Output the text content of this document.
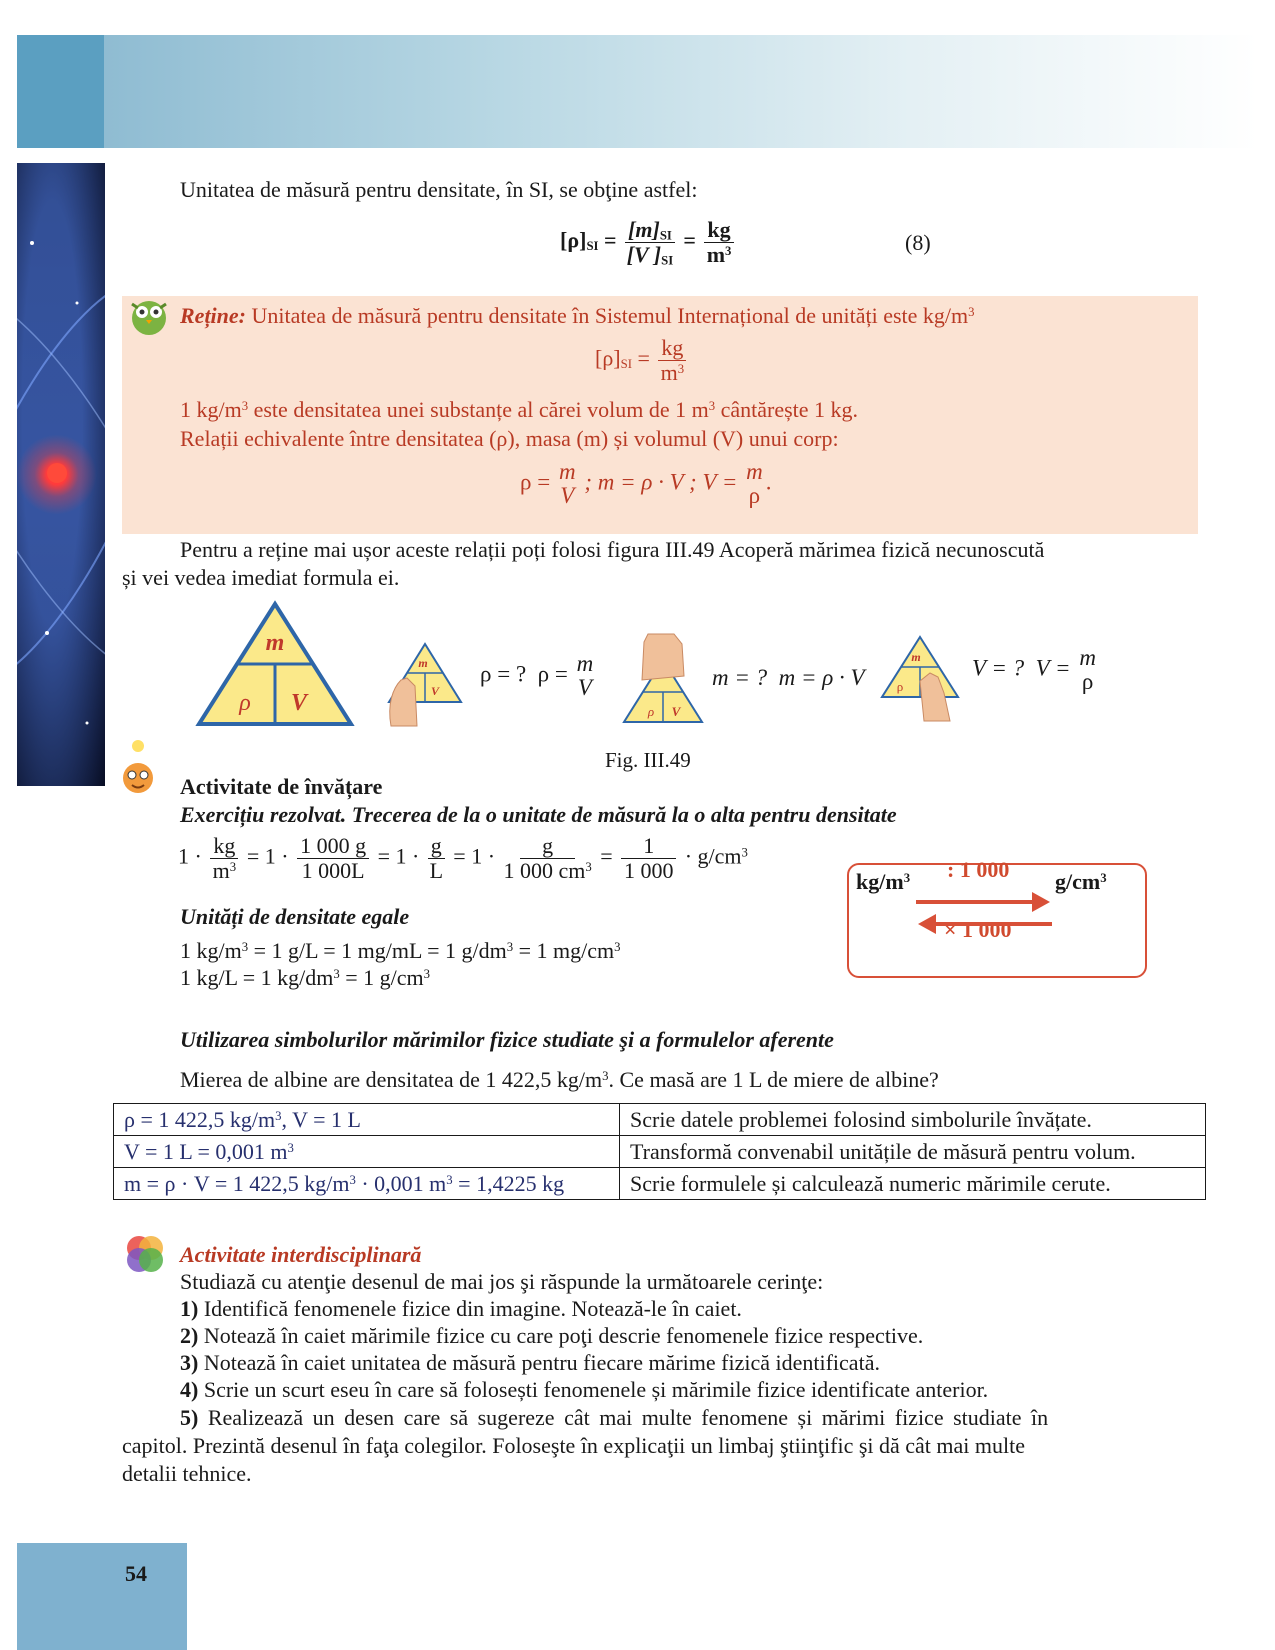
Unitatea de măsură pentru densitate, în SI, se obţine astfel:
$[\rho]_{SI} = \frac{[m]_{SI}}{[V ]_{SI}} = \frac{kg}{m^3}$	(8)
Reține: Unitatea de măsură pentru densitate în Sistemul Internațional de unități este $kg/m^3$
$[\rho]_{SI} = \frac{kg}{m^3}$
1 $kg/m^3$ este densitatea unei substanțe al cărei volum de 1 $m^3$ cântărește 1 kg.
Relații echivalente între densitatea (ρ), masa (m) și volumul (V) unui corp:
ρ = m
V
; m = ρ · V ; V = m
ρ
.
Pentru a reține mai ușor aceste relații poți folosi figura III.49 Acoperă mărimea fizică necunoscută
și vei vedea imediat formula ei.
m
ρ V
m
V
ρ = ? ρ = m
V
ρ V
m = ? m = ρ · V
m
ρ
V = ? V = m
ρ
Fig. III.49
Activitate de învățare
Exercițiu rezolvat. Trecerea de la o unitate de măsură la o alta pentru densitate
$1 \cdot \frac{kg}{m^3} = 1 \cdot \frac{1 000 g}{1 000L} = 1 \cdot \frac{g}{L} = 1 \cdot \frac{g}{1 000 cm^3} = \frac{1}{1 000} \cdot g/cm^3$
$kg/m^3$	$g/cm^3$
: 1 000
× 1 000
Unități de densitate egale
1 $kg/m^3 = 1$ g/L = 1 mg/mL = 1 $g/dm^3 = 1$ $mg/cm^3$
1 kg/L = 1 $kg/dm^3 = 1$ $g/cm^3$
Utilizarea simbolurilor mărimilor fizice studiate şi a formulelor aferente
Mierea de albine are densitatea de 1 422,5 $kg/m^3$. Ce masă are 1 L de miere de albine?
ρ = 1 422,5 $kg/m^3$, V = 1 L	Scrie datele problemei folosind simbolurile învățate.
V = 1 L = 0,001 $m^3$	Transformă convenabil unitățile de măsură pentru volum.
m = ρ · V = 1 422,5 $kg/m^3 \cdot 0,001$ $m^3 = 1,4225$ kg	Scrie formulele și calculează numeric mărimile cerute.
Activitate interdisciplinară
Studiază cu atenţie desenul de mai jos şi răspunde la următoarele cerinţe:
1) Identifică fenomenele fizice din imagine. Notează-le în caiet.
2) Notează în caiet mărimile fizice cu care poţi descrie fenomenele fizice respective.
3) Notează în caiet unitatea de măsură pentru fiecare mărime fizică identificată.
4) Scrie un scurt eseu în care să folosești fenomenele și mărimile fizice identificate anterior.
5) Realizează un desen care să sugereze cât mai multe fenomene și mărimi fizice studiate în
capitol. Prezintă desenul în faţa colegilor. Foloseşte în explicaţii un limbaj ştiinţific şi dă cât mai multe
detalii tehnice.
54
